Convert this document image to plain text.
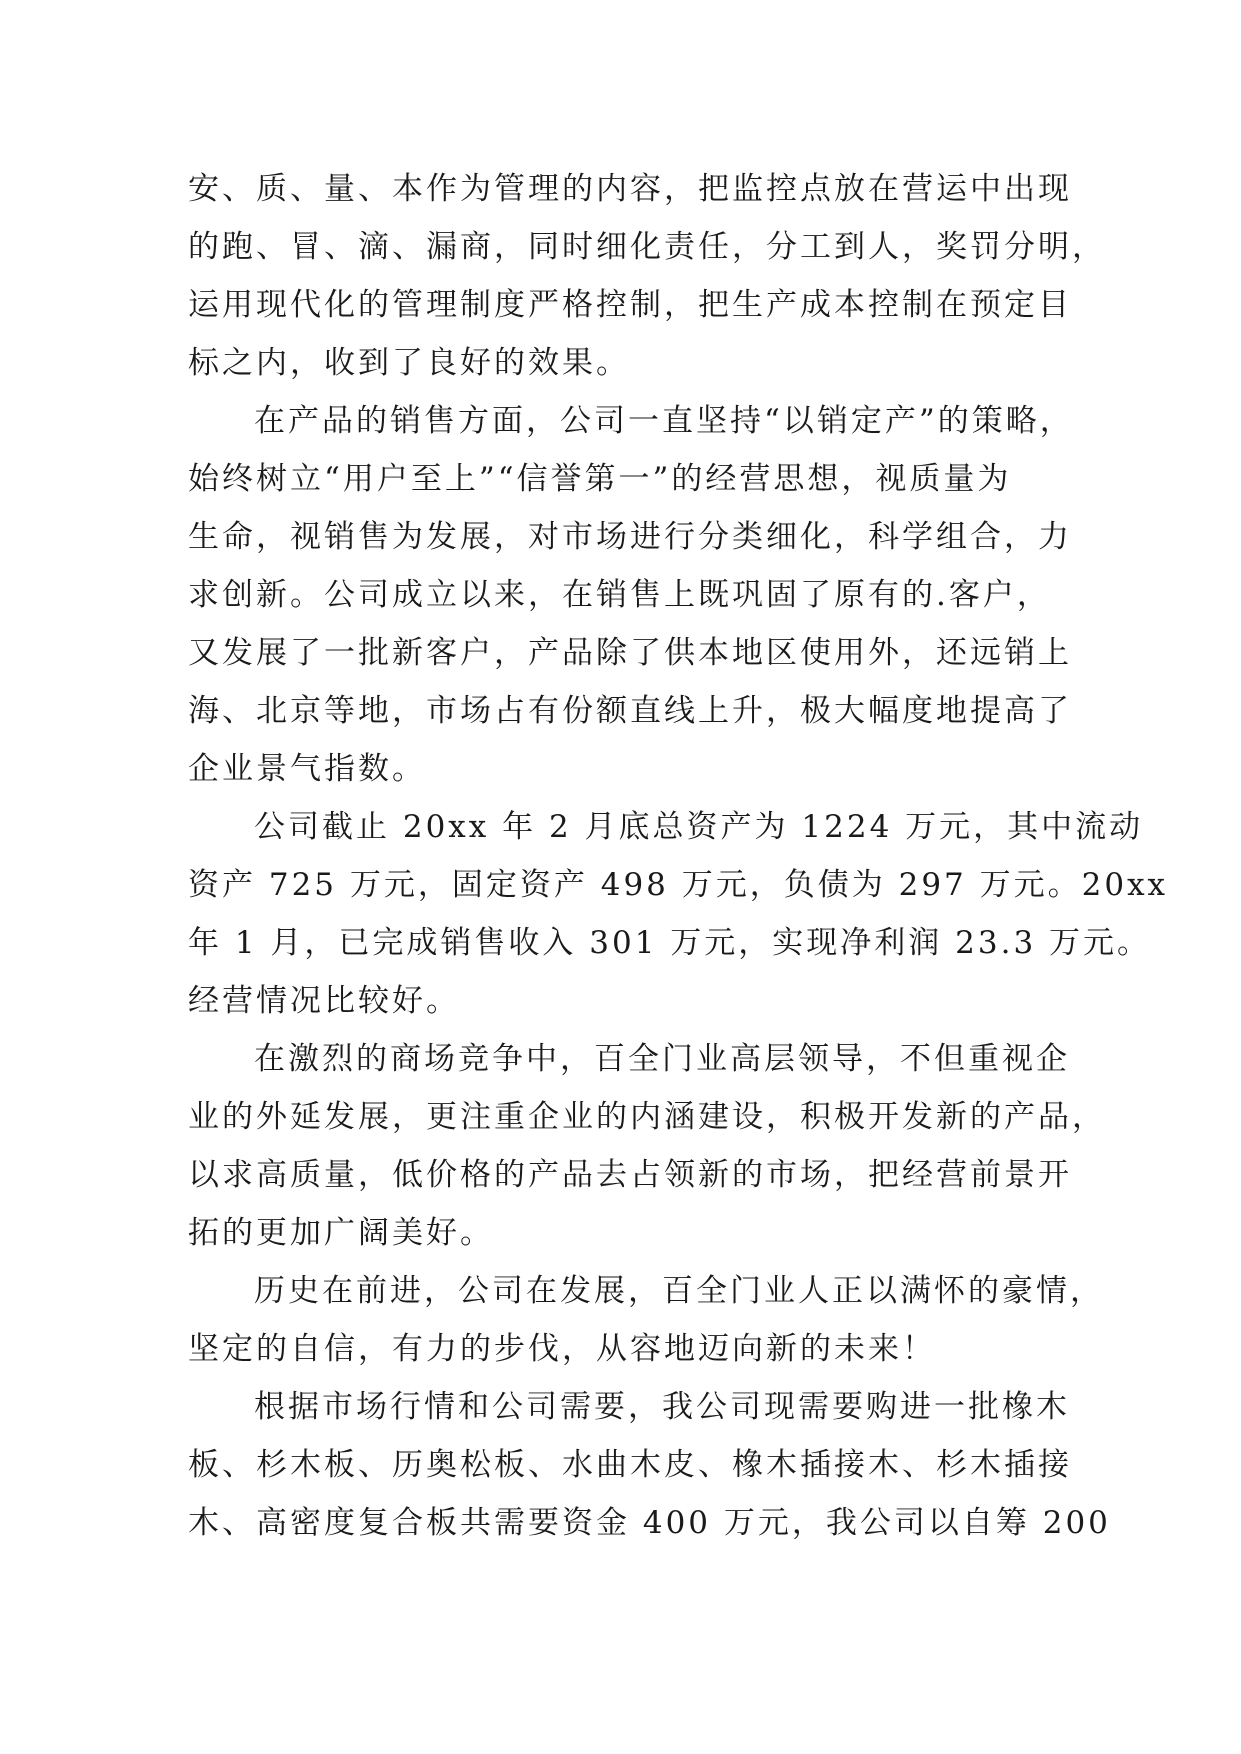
安、质、量、本作为管理的内容，把监控点放在营运中出现
的跑、冒、滴、漏商，同时细化责任，分工到人，奖罚分明，
运用现代化的管理制度严格控制，把生产成本控制在预定目
标之内，收到了良好的效果。
在产品的销售方面，公司一直坚持“以销定产”的策略，
始终树立“用户至上”“信誉第一”的经营思想，视质量为
生命，视销售为发展，对市场进行分类细化，科学组合，力
求创新。公司成立以来，在销售上既巩固了原有的.客户，
又发展了一批新客户，产品除了供本地区使用外，还远销上
海、北京等地，市场占有份额直线上升，极大幅度地提高了
企业景气指数。
公司截止 20xx 年 2 月底总资产为 1224 万元，其中流动
资产 725 万元，固定资产 498 万元，负债为 297 万元。20xx
年 1 月，已完成销售收入 301 万元，实现净利润 23.3 万元。
经营情况比较好。
在激烈的商场竞争中，百全门业高层领导，不但重视企
业的外延发展，更注重企业的内涵建设，积极开发新的产品，
以求高质量，低价格的产品去占领新的市场，把经营前景开
拓的更加广阔美好。
历史在前进，公司在发展，百全门业人正以满怀的豪情，
坚定的自信，有力的步伐，从容地迈向新的未来！
根据市场行情和公司需要，我公司现需要购进一批橡木
板、杉木板、历奥松板、水曲木皮、橡木插接木、杉木插接
木、高密度复合板共需要资金 400 万元，我公司以自筹 200
